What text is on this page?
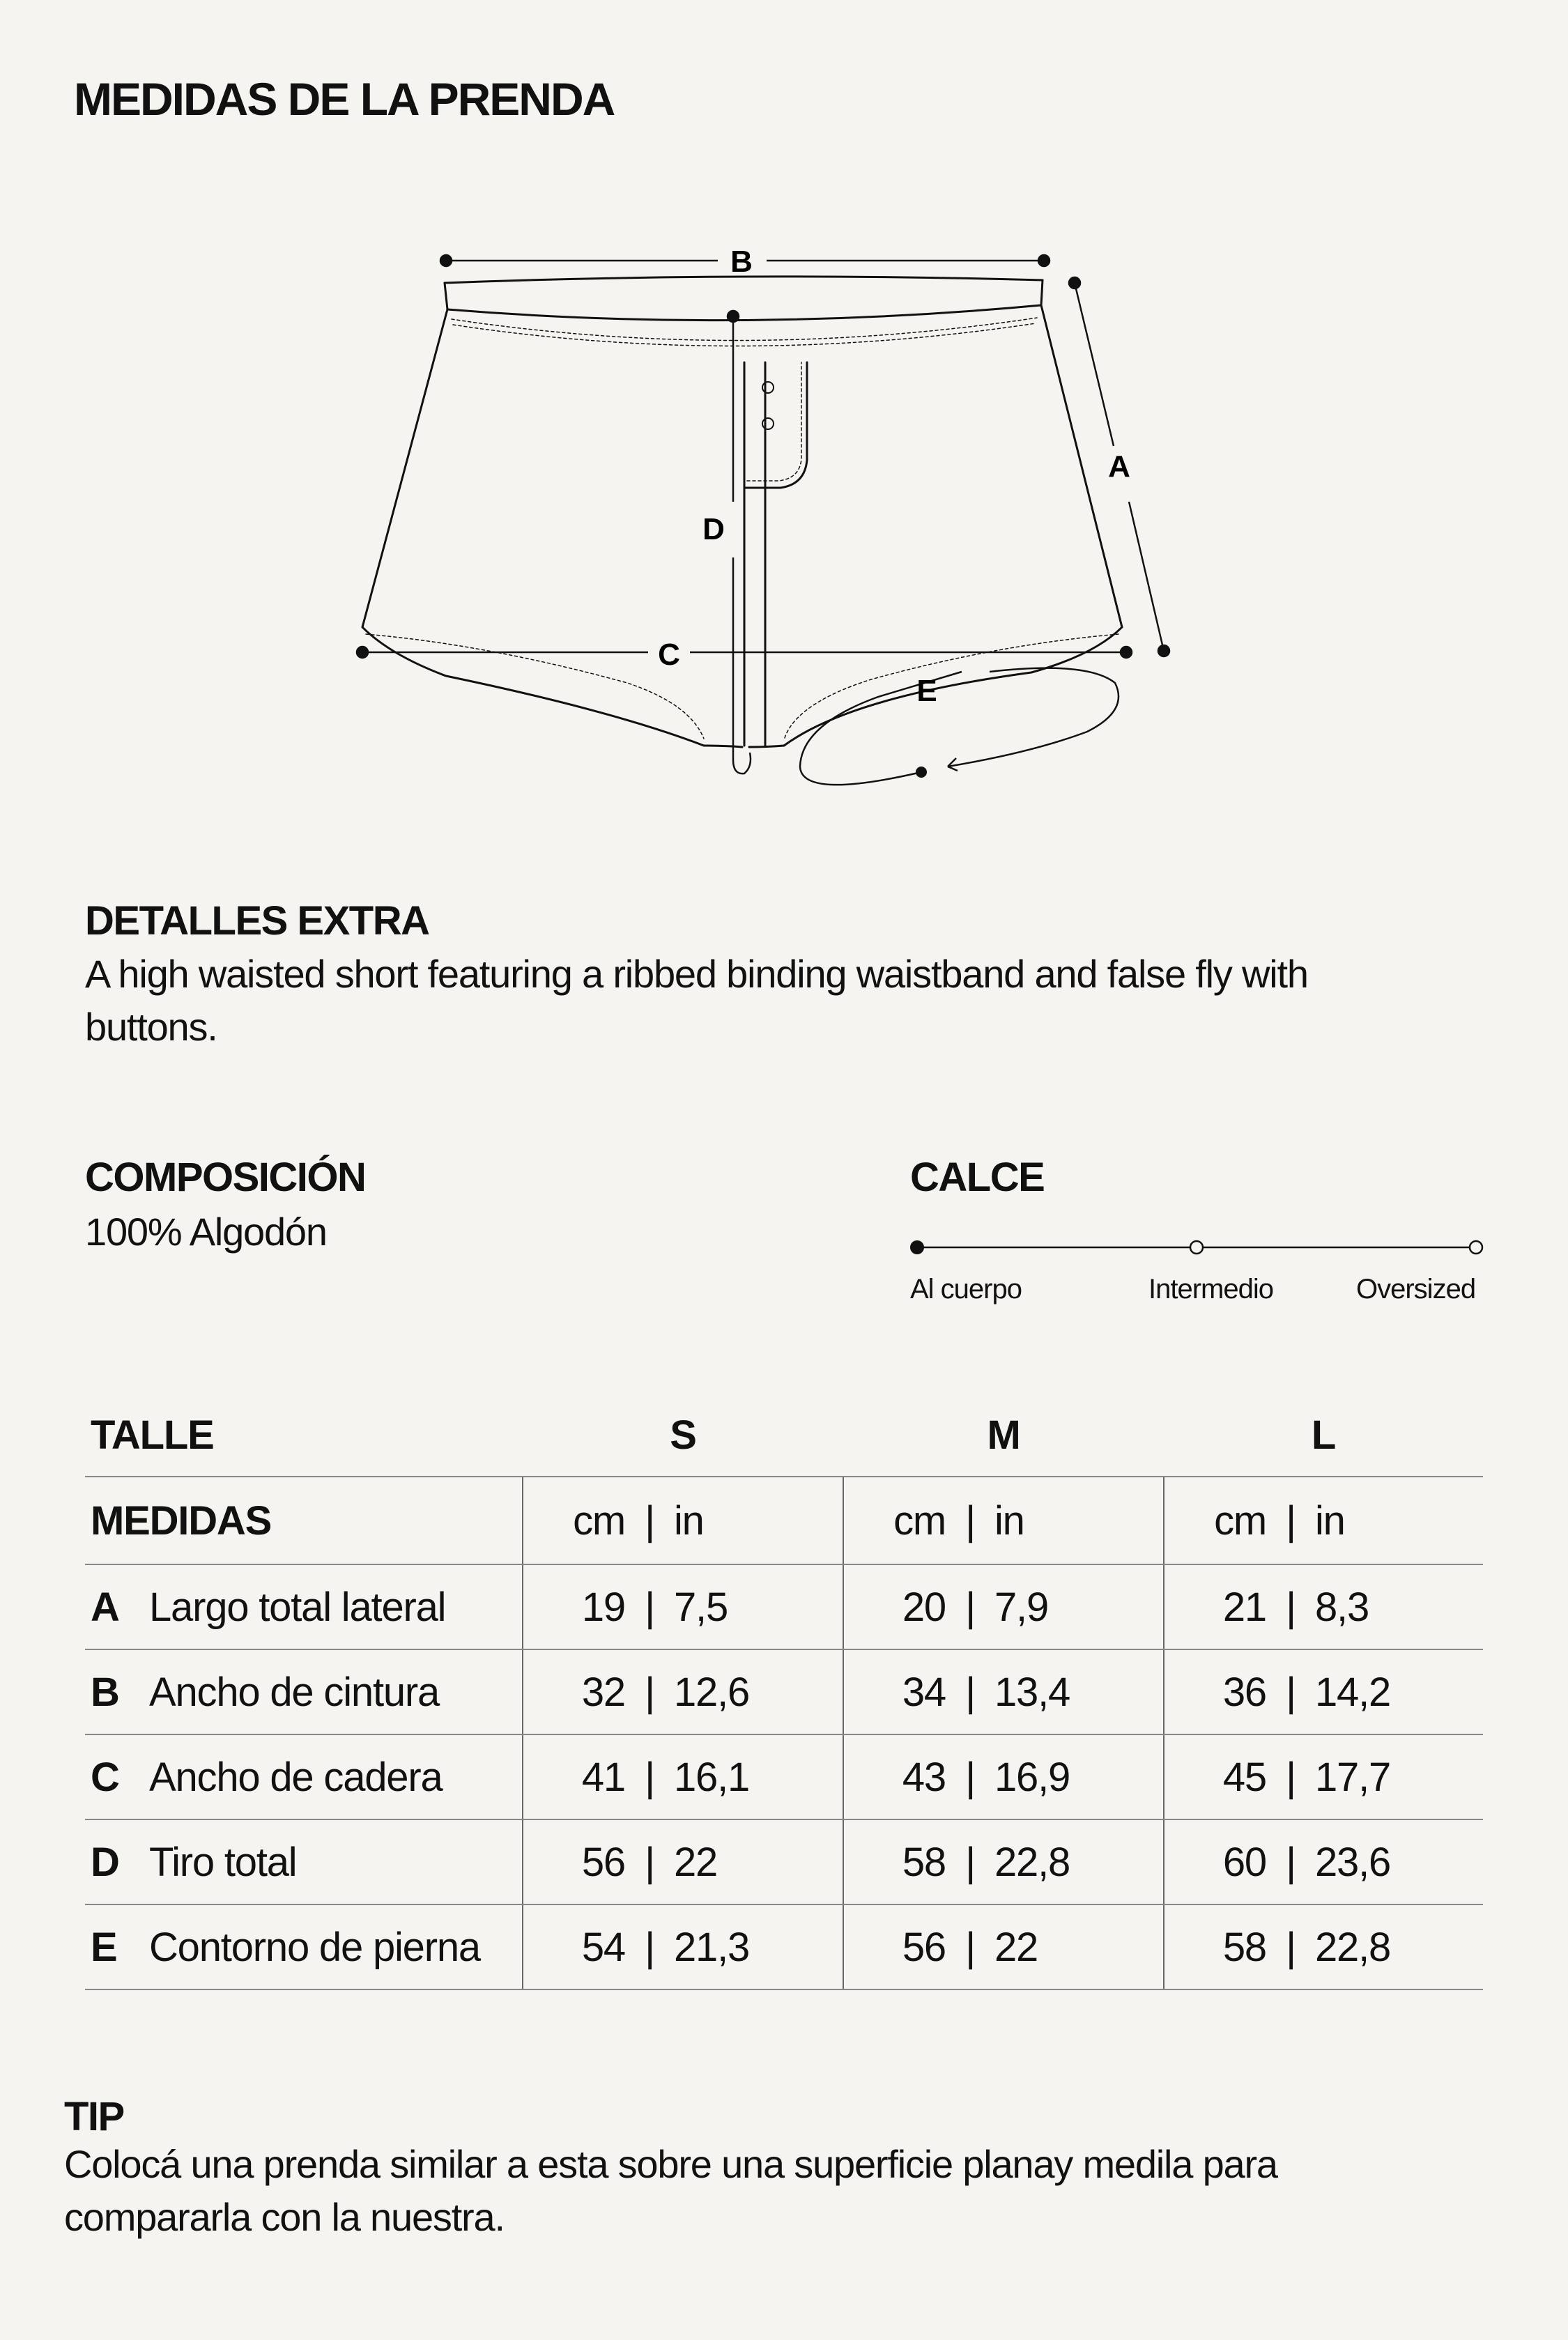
MEDIDAS DE LA PRENDA
B
A
C
D
E
DETALLES EXTRA
A high waisted short featuring a ribbed binding waistband and false fly with
buttons.
COMPOSICIÓN
100% Algodón
CALCE
Al cuerpo	Intermedio	Oversized
TALLE	S	M	L

MEDIDAS	cm | in	cm | in	cm | in

A Largo total lateral	19 | 7,5	20 | 7,9	21 | 8,3

B Ancho de cintura	32 | 12,6	34 | 13,4	36 | 14,2

C Ancho de cadera	41 | 16,1	43 | 16,9	45 | 17,7

D Tiro total	56 | 22	58 | 22,8	60 | 23,6

E Contorno de pierna	54 | 21,3	56 | 22	58 | 22,8
TIP
Colocá una prenda similar a esta sobre una superficie planay medila para
compararla con la nuestra.
